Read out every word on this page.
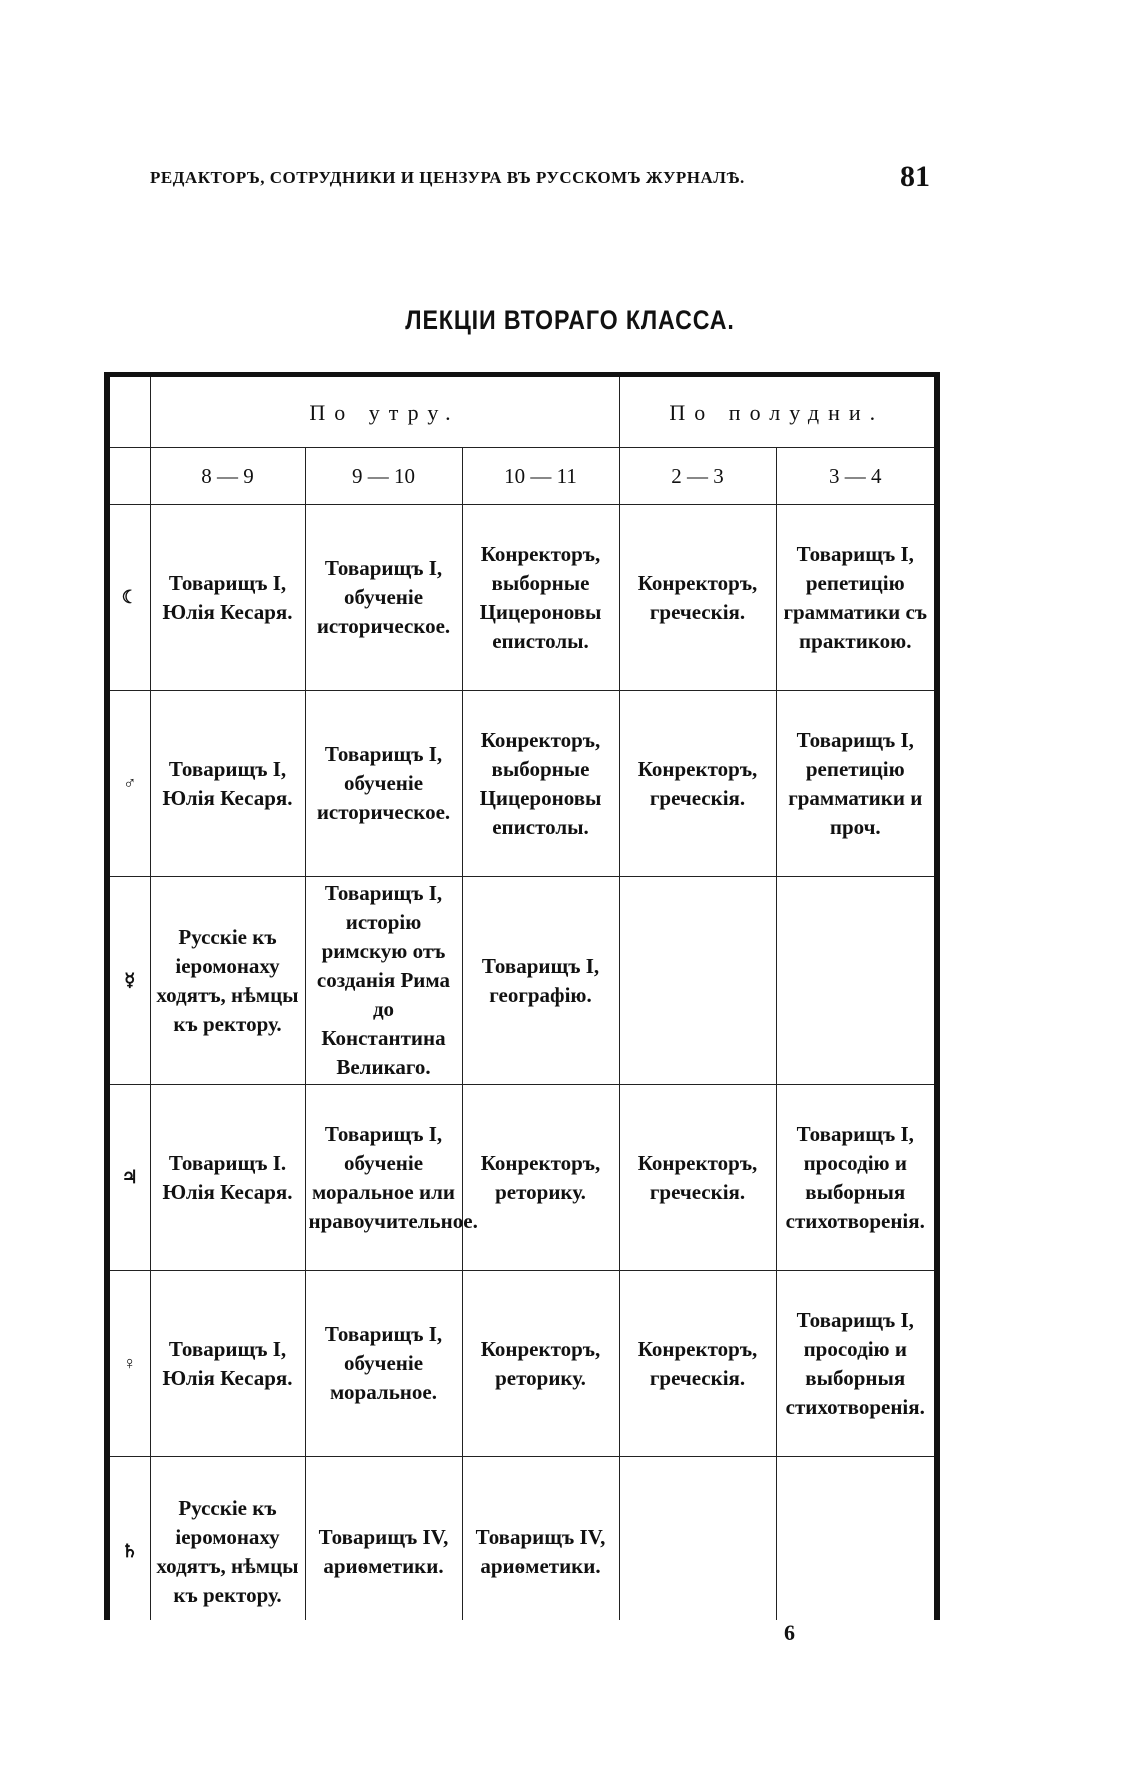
РЕДАКТОРЪ, СОТРУДНИКИ И ЦЕНЗУРА ВЪ РУССКОМЪ ЖУРНАЛѢ.	81
ЛЕКЦІИ ВТОРАГО КЛАССА.
	По утру.			По полудни.	
	8 — 9	9 — 10	10 — 11	2 — 3	3 — 4
☾	Товарищъ I, Юлія Кесаря.	Товарищъ I, обученіе историческое.	Конректоръ, выборные Цицероновы епистолы.	Конректоръ, греческія.	Товарищъ I, репетицію грамматики съ практикою.
♂	Товарищъ I, Юлія Кесаря.	Товарищъ I, обученіе историческое.	Конректоръ, выборные Цицероновы епистолы.	Конректоръ, греческія.	Товарищъ I, репетицію грамматики и проч.
☿	Русскіе къ іеромонаху ходятъ, нѣмцы къ ректору.	Товарищъ I, исторію римскую отъ созданія Рима до Константина Великаго.	Товарищъ I, географію.		
♃	Товарищъ I. Юлія Кесаря.	Товарищъ I, обученіе моральное или нравоучительное.	Конректоръ, реторику.	Конректоръ, греческія.	Товарищъ I, просодію и выборныя стихотворенія.
♀	Товарищъ I, Юлія Кесаря.	Товарищъ I, обученіе моральное.	Конректоръ, реторику.	Конректоръ, греческія.	Товарищъ I, просодію и выборныя стихотворенія.
♄	Русскіе къ іеромонаху ходятъ, нѣмцы къ ректору.	Товарищъ IV, ариѳметики.	Товарищъ IV, ариѳметики.		
6
